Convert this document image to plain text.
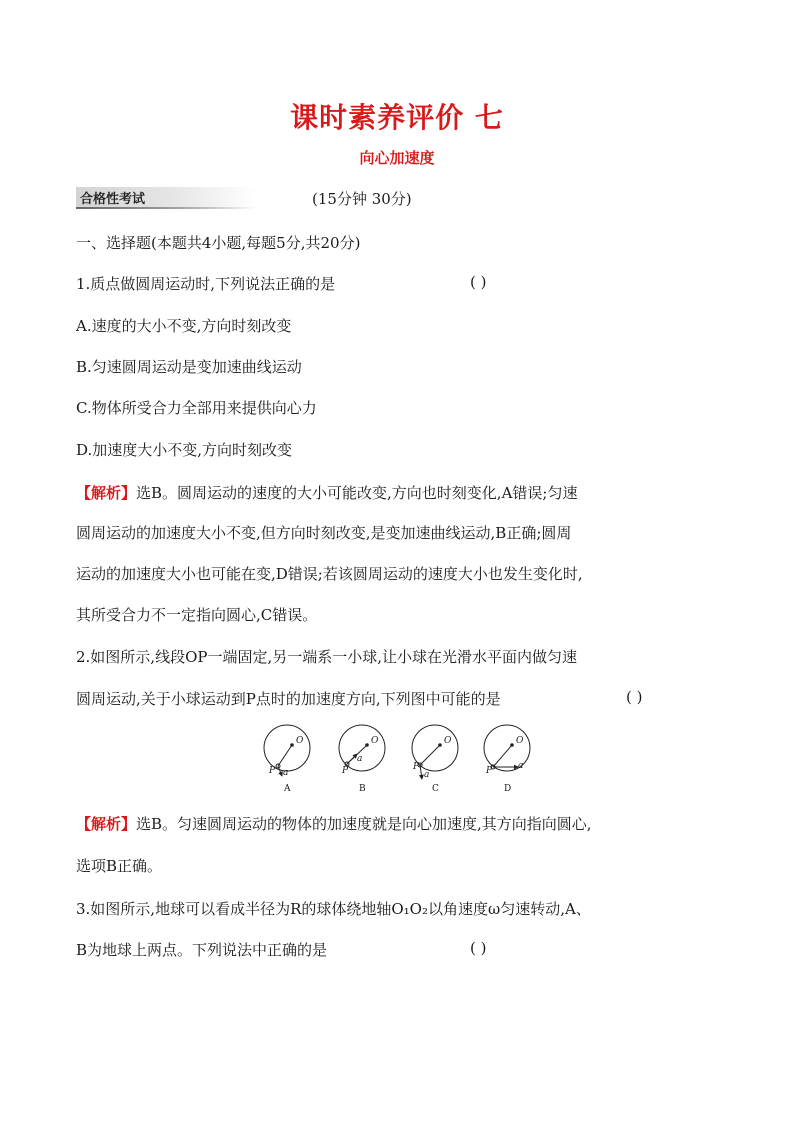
课时素养评价 七
向心加速度
合格性考试	(15分钟 30分)
一、选择题(本题共4小题,每题5分,共20分)
1.质点做圆周运动时,下列说法正确的是	( )
A.速度的大小不变,方向时刻改变
B.匀速圆周运动是变加速曲线运动
C.物体所受合力全部用来提供向心力
D.加速度大小不变,方向时刻改变
【解析】选B。圆周运动的速度的大小可能改变,方向也时刻变化,A错误;匀速
圆周运动的加速度大小不变,但方向时刻改变,是变加速曲线运动,B正确;圆周
运动的加速度大小也可能在变,D错误;若该圆周运动的速度大小也发生变化时,
其所受合力不一定指向圆心,C错误。
2.如图所示,线段OP一端固定,另一端系一小球,让小球在光滑水平面内做匀速
圆周运动,关于小球运动到P点时的加速度方向,下列图中可能的是	( )
O
P a
A
O
P
a
B
O
P
a
C
O
P	a
D
【解析】选B。匀速圆周运动的物体的加速度就是向心加速度,其方向指向圆心,
选项B正确。
3.如图所示,地球可以看成半径为R的球体绕地轴O₁O₂以角速度ω匀速转动,A、
B为地球上两点。下列说法中正确的是	( )
